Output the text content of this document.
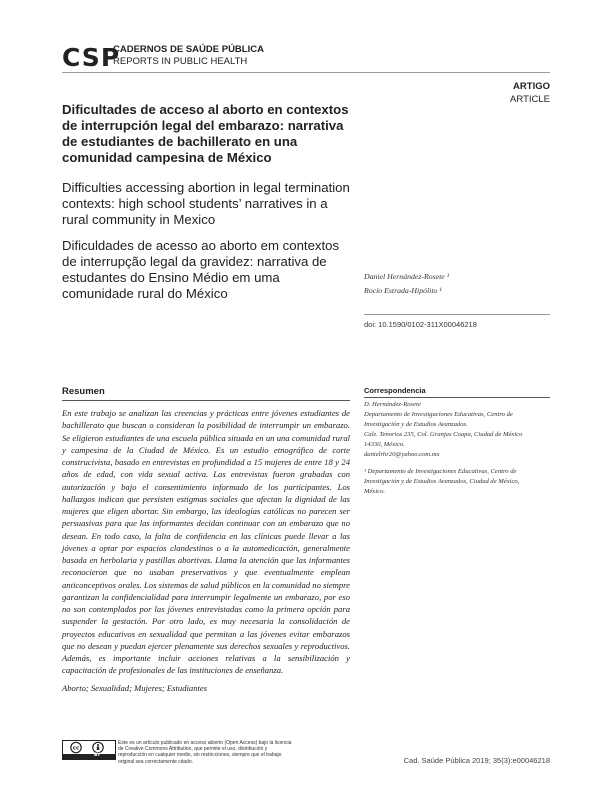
CSP
CADERNOS DE SAÚDE PÚBLICA
REPORTS IN PUBLIC HEALTH
ARTIGO
ARTICLE
Dificultades de acceso al aborto en contextos de interrupción legal del embarazo: narrativa de estudiantes de bachillerato en una comunidad campesina de México
Difficulties accessing abortion in legal termination contexts: high school students’ narratives in a rural community in Mexico
Dificuldades de acesso ao aborto em contextos de interrupção legal da gravidez: narrativa de estudantes do Ensino Médio em uma comunidade rural do México
Daniel Hernández-Rosete ¹
Rocío Estrada-Hipólito ¹
doi: 10.1590/0102-311X00046218
Resumen
En este trabajo se analizan las creencias y prácticas entre jóvenes estudiantes de bachillerato que buscan o consideran la posibilidad de interrumpir un embarazo. Se eligieron estudiantes de una escuela pública situada en un una comunidad rural y campesina de la Ciudad de México. Es un estudio etnográfico de corte construcivista, basado en entrevistas en profundidad a 15 mujeres de entre 18 y 24 años de edad, con vida sexual activa. Las entrevistas fueron grabadas con autorización y bajo el consentimiento informado de los participantes. Los hallazgos indican que persisten estigmas sociales que afectan la dignidad de las mujeres que eligen abortar. Sin embargo, las ideologías católicas no parecen ser persuasivas para que las informantes decidan continuar con un embarazo que no desean. En todo caso, la falta de confidencia en las clínicas puede llevar a las jóvenes a optar por espacios clandestinos o a la automedicación, generalmente basada en herbolaria y pastillas abortivas. Llama la atención que las informantes reconocieron que no usaban preservativos y que eventualmente emplean anticonceptivos orales. Los sistemas de salud públicos en la comunidad no siempre garantizan la confidencialidad para interrumpir legalmente un embarazo, por eso no son contemplados por las jóvenes entrevistadas como la primera opción para suspender la gestación. Por otro lado, es muy necesaria la consolidación de proyectos educativos en sexualidad que permitan a las jóvenes evitar embarazos que no desean y puedan ejercer plenamente sus derechos sexuales y reproductivos. Además, es importante incluir acciones relativas a la sensibilización y capacitación de profesionales de las instituciones de enseñanza.
Aborto; Sexualidad; Mujeres; Estudiantes
Correspondencia
D. Hernández-Rosete
Departamento de Investigaciones Educativas, Centro de
Investigación y de Estudios Avanzados.
Calz. Tenorios 235, Col. Granjas Coapa, Ciudad de México
14330, México.
danielrhr20@yahoo.com.mx
¹ Departamento de Investigaciones Educativas, Centro de
Investigación y de Estudios Avanzados, Ciudad de México,
México.
cc
BY
Este es un artículo publicado en acceso abierto (Open Access) bajo la licencia de Creative Commons Attribution, que permite el uso, distribución y reproducción en cualquier medio, sin restricciones, siempre que el trabajo original sea correctamente citado.	Cad. Saúde Pública 2019; 35(3):e00046218
